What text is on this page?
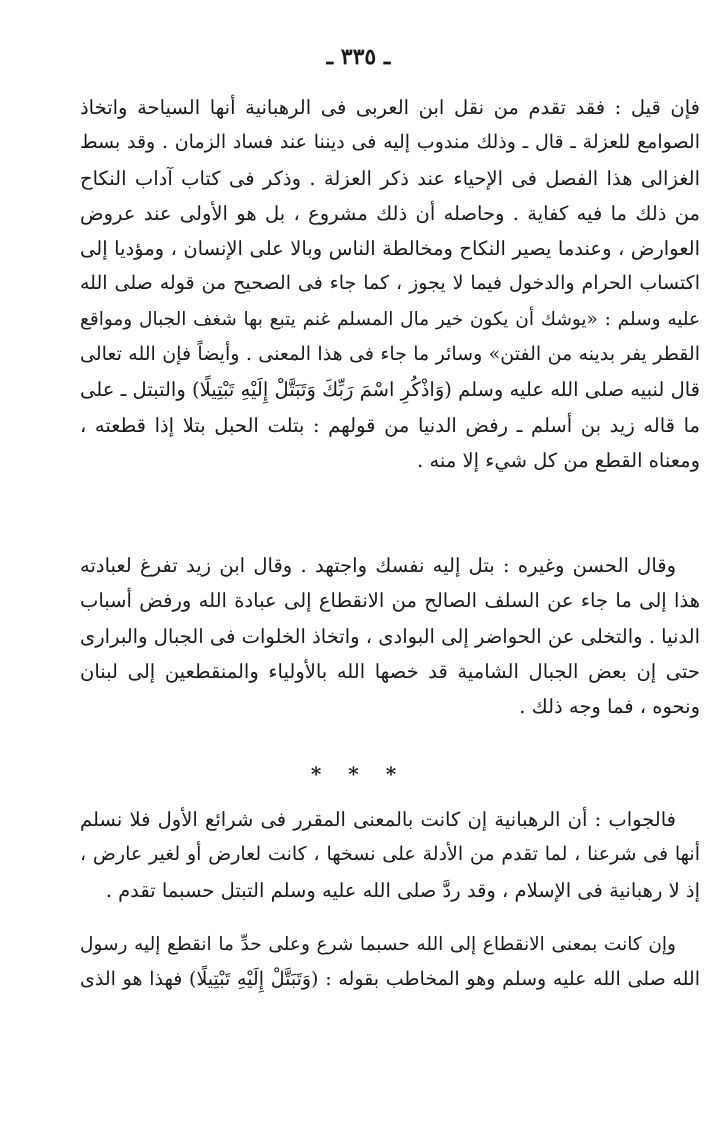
ـ ٣٣٥ ـ
فإن قيل : فقد تقدم من نقل ابن العربى فى الرهبانية أنها السياحة واتخاذ
الصوامع للعزلة ـ قال ـ وذلك مندوب إليه فى ديننا عند فساد الزمان . وقد بسط
الغزالى هذا الفصل فى الإحياء عند ذكر العزلة . وذكر فى كتاب آداب النكاح
من ذلك ما فيه كفاية . وحاصله أن ذلك مشروع ، بل هو الأولى عند عروض
العوارض ، وعندما يصير النكاح ومخالطة الناس وبالا على الإنسان ، ومؤديا إلى
اكتساب الحرام والدخول فيما لا يجوز ، كما جاء فى الصحيح من قوله صلى الله
عليه وسلم : «يوشك أن يكون خير مال المسلم غنم يتبع بها شغف الجبال ومواقع
القطر يفر بدينه من الفتن» وسائر ما جاء فى هذا المعنى . وأيضاً فإن الله تعالى
قال لنبيه صلى الله عليه وسلم (وَاذْكُرِ اسْمَ رَبِّكَ وَتَبَتَّلْ إِلَيْهِ تَبْتِيلًا) والتبتل ـ على
ما قاله زيد بن أسلم ـ رفض الدنيا من قولهم : بتلت الحبل بتلا إذا قطعته ،
ومعناه القطع من كل شيء إلا منه .
وقال الحسن وغيره : بتل إليه نفسك واجتهد . وقال ابن زيد تفرغ لعبادته
هذا إلى ما جاء عن السلف الصالح من الانقطاع إلى عبادة الله ورفض أسباب
الدنيا . والتخلى عن الحواضر إلى البوادى ، واتخاذ الخلوات فى الجبال والبرارى
حتى إن بعض الجبال الشامية قد خصها الله بالأولياء والمنقطعين إلى لبنان
ونحوه ، فما وجه ذلك .
* * *
فالجواب : أن الرهبانية إن كانت بالمعنى المقرر فى شرائع الأول فلا نسلم
أنها فى شرعنا ، لما تقدم من الأدلة على نسخها ، كانت لعارض أو لغير عارض ،
إذ لا رهبانية فى الإسلام ، وقد ردَّ صلى الله عليه وسلم التبتل حسبما تقدم .
وإن كانت بمعنى الانقطاع إلى الله حسبما شرع وعلى حدِّ ما انقطع إليه رسول
الله صلى الله عليه وسلم وهو المخاطب بقوله : (وَتَبَتَّلْ إِلَيْهِ تَبْتِيلًا) فهذا هو الذى
